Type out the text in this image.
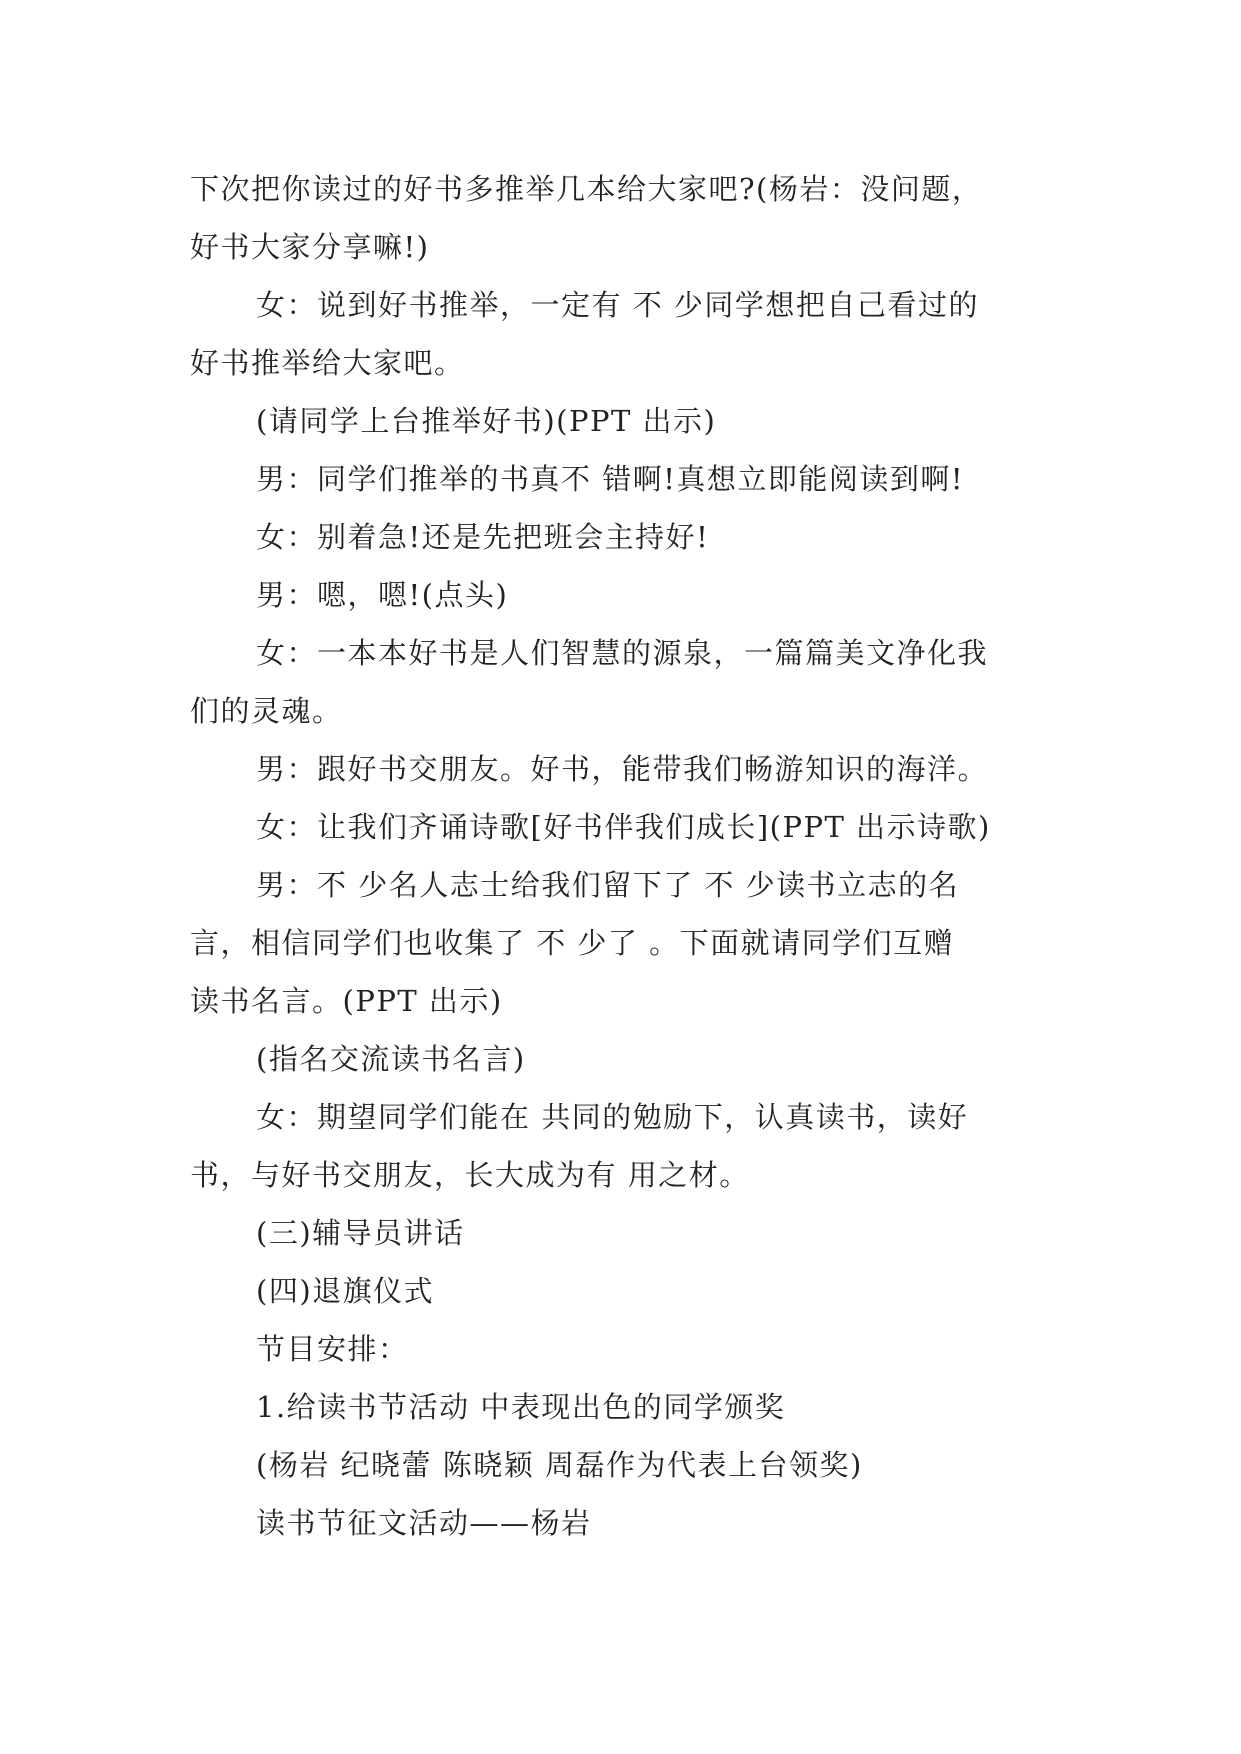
下次把你读过的好书多推举几本给大家吧?(杨岩：没问题，
好书大家分享嘛!)
女：说到好书推举，一定有 不 少同学想把自己看过的
好书推举给大家吧。
(请同学上台推举好书)(PPT 出示)
男：同学们推举的书真不 错啊!真想立即能阅读到啊!
女：别着急!还是先把班会主持好!
男：嗯，嗯!(点头)
女：一本本好书是人们智慧的源泉，一篇篇美文净化我
们的灵魂。
男：跟好书交朋友。好书，能带我们畅游知识的海洋。
女：让我们齐诵诗歌[好书伴我们成长](PPT 出示诗歌)
男：不 少名人志士给我们留下了 不 少读书立志的名
言，相信同学们也收集了 不 少了 。下面就请同学们互赠
读书名言。(PPT 出示)
(指名交流读书名言)
女：期望同学们能在 共同的勉励下，认真读书，读好
书，与好书交朋友，长大成为有 用之材。
(三)辅导员讲话
(四)退旗仪式
节目安排：
1.给读书节活动 中表现出色的同学颁奖
(杨岩 纪晓蕾 陈晓颖 周磊作为代表上台领奖)
读书节征文活动——杨岩
